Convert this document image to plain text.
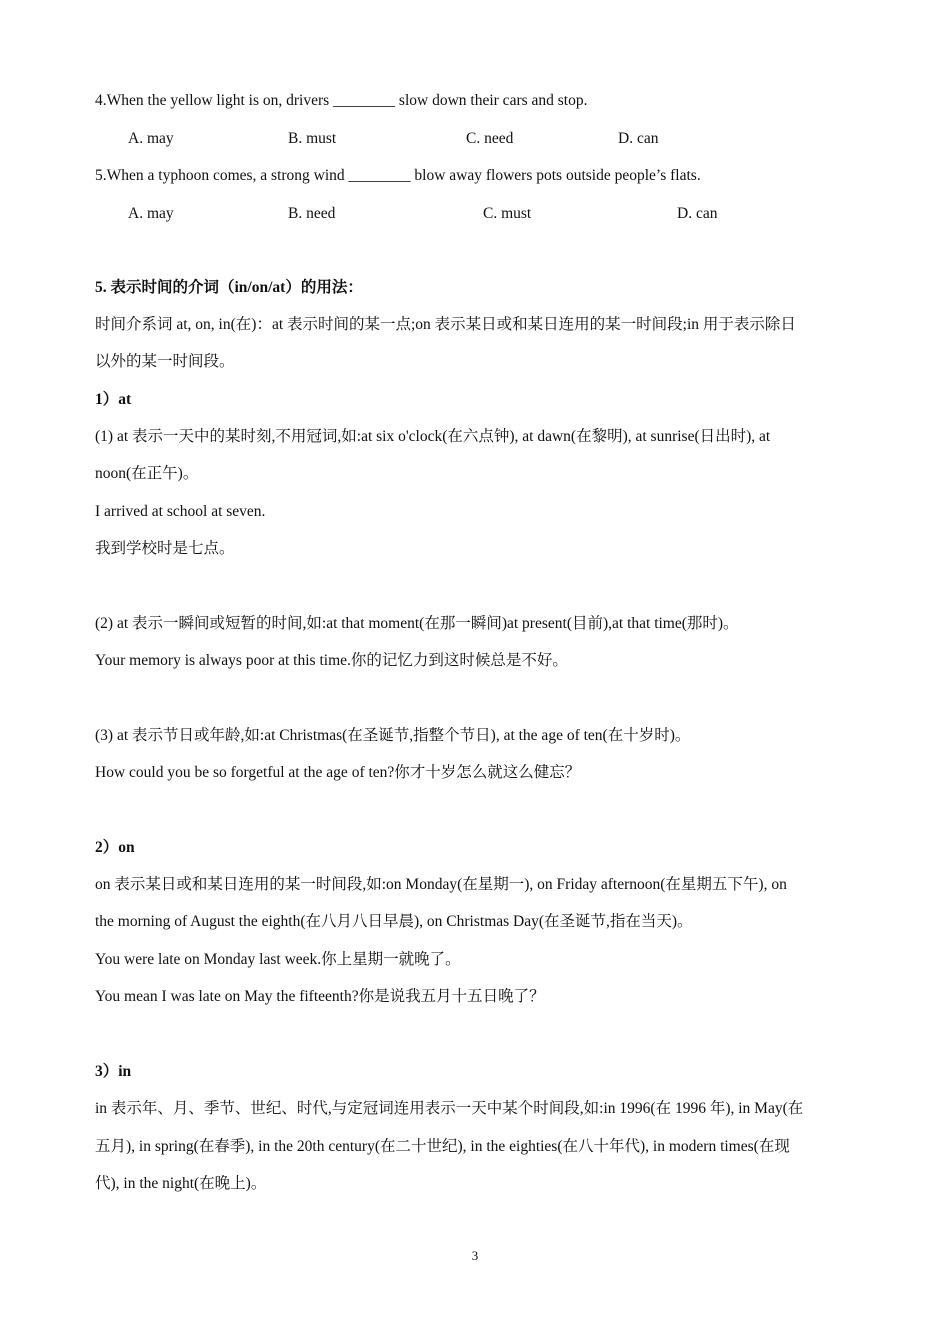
4.When the yellow light is on, drivers ________ slow down their cars and stop.
A. may	B. must	C. need	D. can
5.When a typhoon comes, a strong wind ________ blow away flowers pots outside people’s flats.
A. may	B. need	C. must	D. can
5. 表示时间的介词（in/on/at）的用法：
时间介系词 at, on, in(在)：at 表示时间的某一点;on 表示某日或和某日连用的某一时间段;in 用于表示除日
以外的某一时间段。
1）at
(1) at 表示一天中的某时刻,不用冠词,如:at six o'clock(在六点钟), at dawn(在黎明), at sunrise(日出时), at
noon(在正午)。
I arrived at school at seven.
我到学校时是七点。
(2) at 表示一瞬间或短暂的时间,如:at that moment(在那一瞬间)at present(目前),at that time(那时)。
Your memory is always poor at this time.你的记忆力到这时候总是不好。
(3) at 表示节日或年龄,如:at Christmas(在圣诞节,指整个节日), at the age of ten(在十岁时)。
How could you be so forgetful at the age of ten?你才十岁怎么就这么健忘？
2）on
on 表示某日或和某日连用的某一时间段,如:on Monday(在星期一), on Friday afternoon(在星期五下午), on
the morning of August the eighth(在八月八日早晨), on Christmas Day(在圣诞节,指在当天)。
You were late on Monday last week.你上星期一就晚了。
You mean I was late on May the fifteenth?你是说我五月十五日晚了？
3）in
in 表示年、月、季节、世纪、时代,与定冠词连用表示一天中某个时间段,如:in 1996(在 1996 年), in May(在
五月), in spring(在春季), in the 20th century(在二十世纪), in the eighties(在八十年代), in modern times(在现
代), in the night(在晚上)。
3
